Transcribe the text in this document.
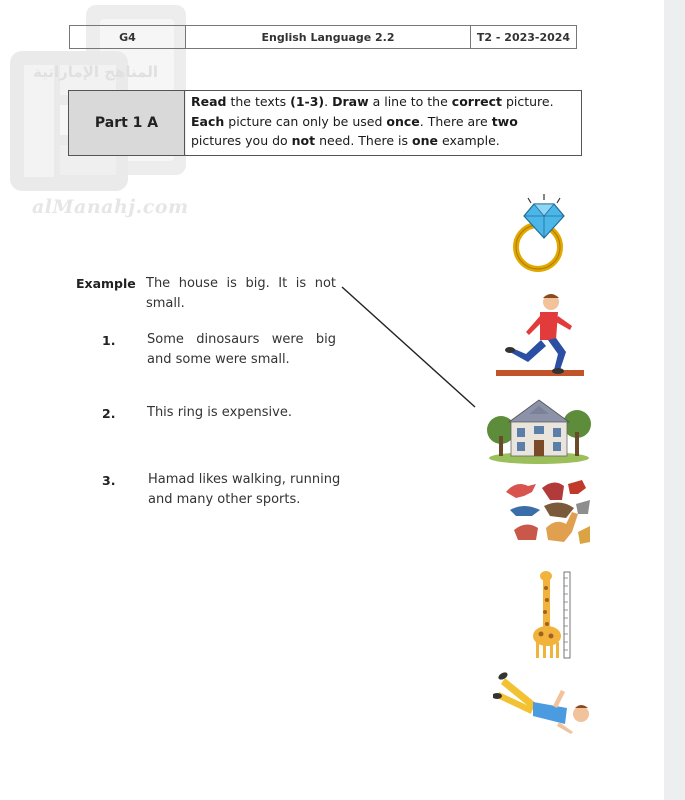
المناهج الإماراتية
alManahj.com
G4	English Language 2.2	T2 - 2023-2024
Part 1 A
Read the texts (1-3). Draw a line to the correct picture.
Each picture can only be used once. There are two
pictures you do not need. There is one example.
Example The house is big. It is not small.
1. Some dinosaurs were big and some were small.
2. This ring is expensive.
3.	Hamad likes walking, running and many other sports.
